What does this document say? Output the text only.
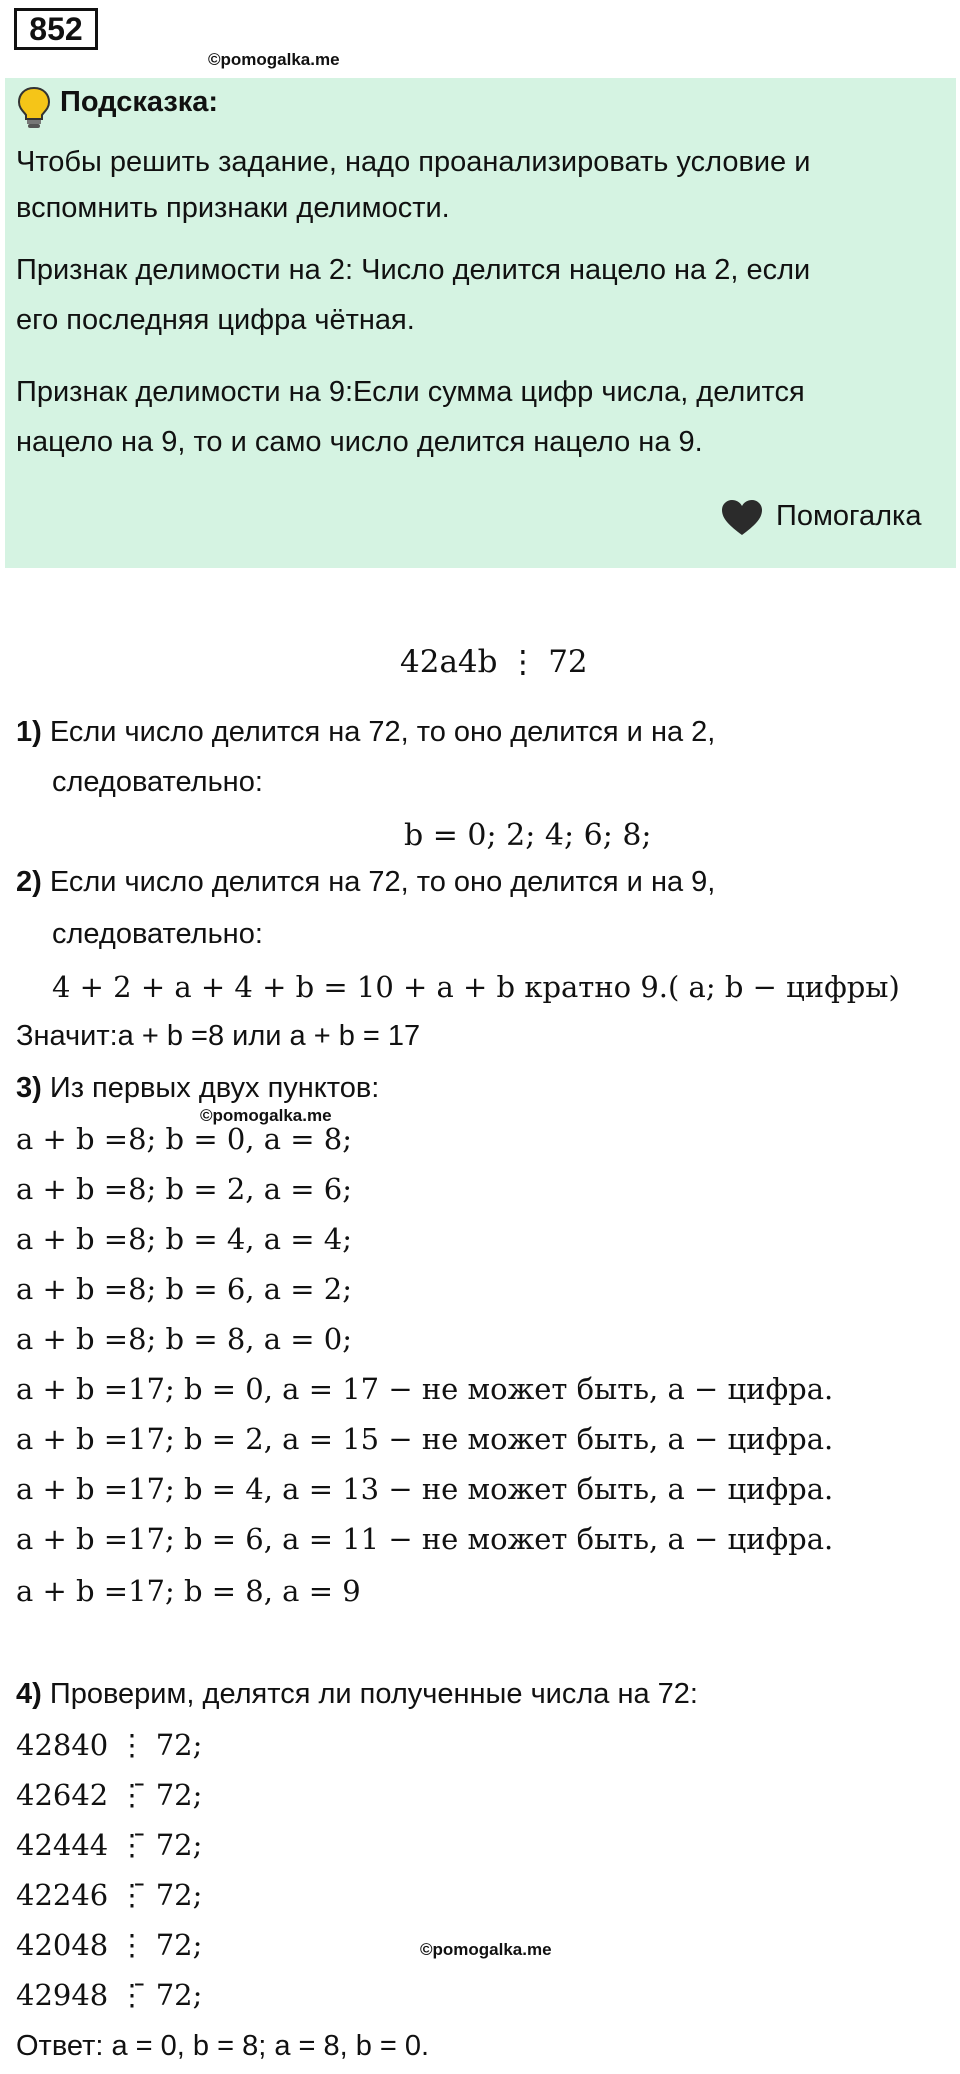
852
©pomogalka.me
Подсказка:
Чтобы решить задание, надо проанализировать условие и
вспомнить признаки делимости.
Признак делимости на 2: Число делится нацело на 2, если
его последняя цифра чётная.
Признак делимости на 9:Если сумма цифр числа, делится
нацело на 9, то и само число делится нацело на 9.
Помогалка
42a4b ⋮ 72
1) Если число делится на 72, то оно делится и на 2,
следовательно:
b = 0; 2; 4; 6; 8;
2) Если число делится на 72, то оно делится и на 9,
следовательно:
4 + 2 + a + 4 + b = 10 + a + b кратно 9.( a; b − цифры)
Значит:a + b =8 или a + b = 17
3) Из первых двух пунктов:
©pomogalka.me
a + b =8; b = 0, a = 8;
a + b =8; b = 2, a = 6;
a + b =8; b = 4, a = 4;
a + b =8; b = 6, a = 2;
a + b =8; b = 8, a = 0;
a + b =17; b = 0, a = 17 − не может быть, a − цифра.
a + b =17; b = 2, a = 15 − не может быть, a − цифра.
a + b =17; b = 4, a = 13 − не может быть, a − цифра.
a + b =17; b = 6, a = 11 − не может быть, a − цифра.
a + b =17; b = 8, a = 9
4) Проверим, делятся ли полученные числа на 72:
42840 ⋮ 72;
42642 ⋮̄ 72;
42444 ⋮̄ 72;
42246 ⋮̄ 72;
42048 ⋮ 72;	©pomogalka.me
42948 ⋮̄ 72;
Ответ: a = 0, b = 8; a = 8, b = 0.
